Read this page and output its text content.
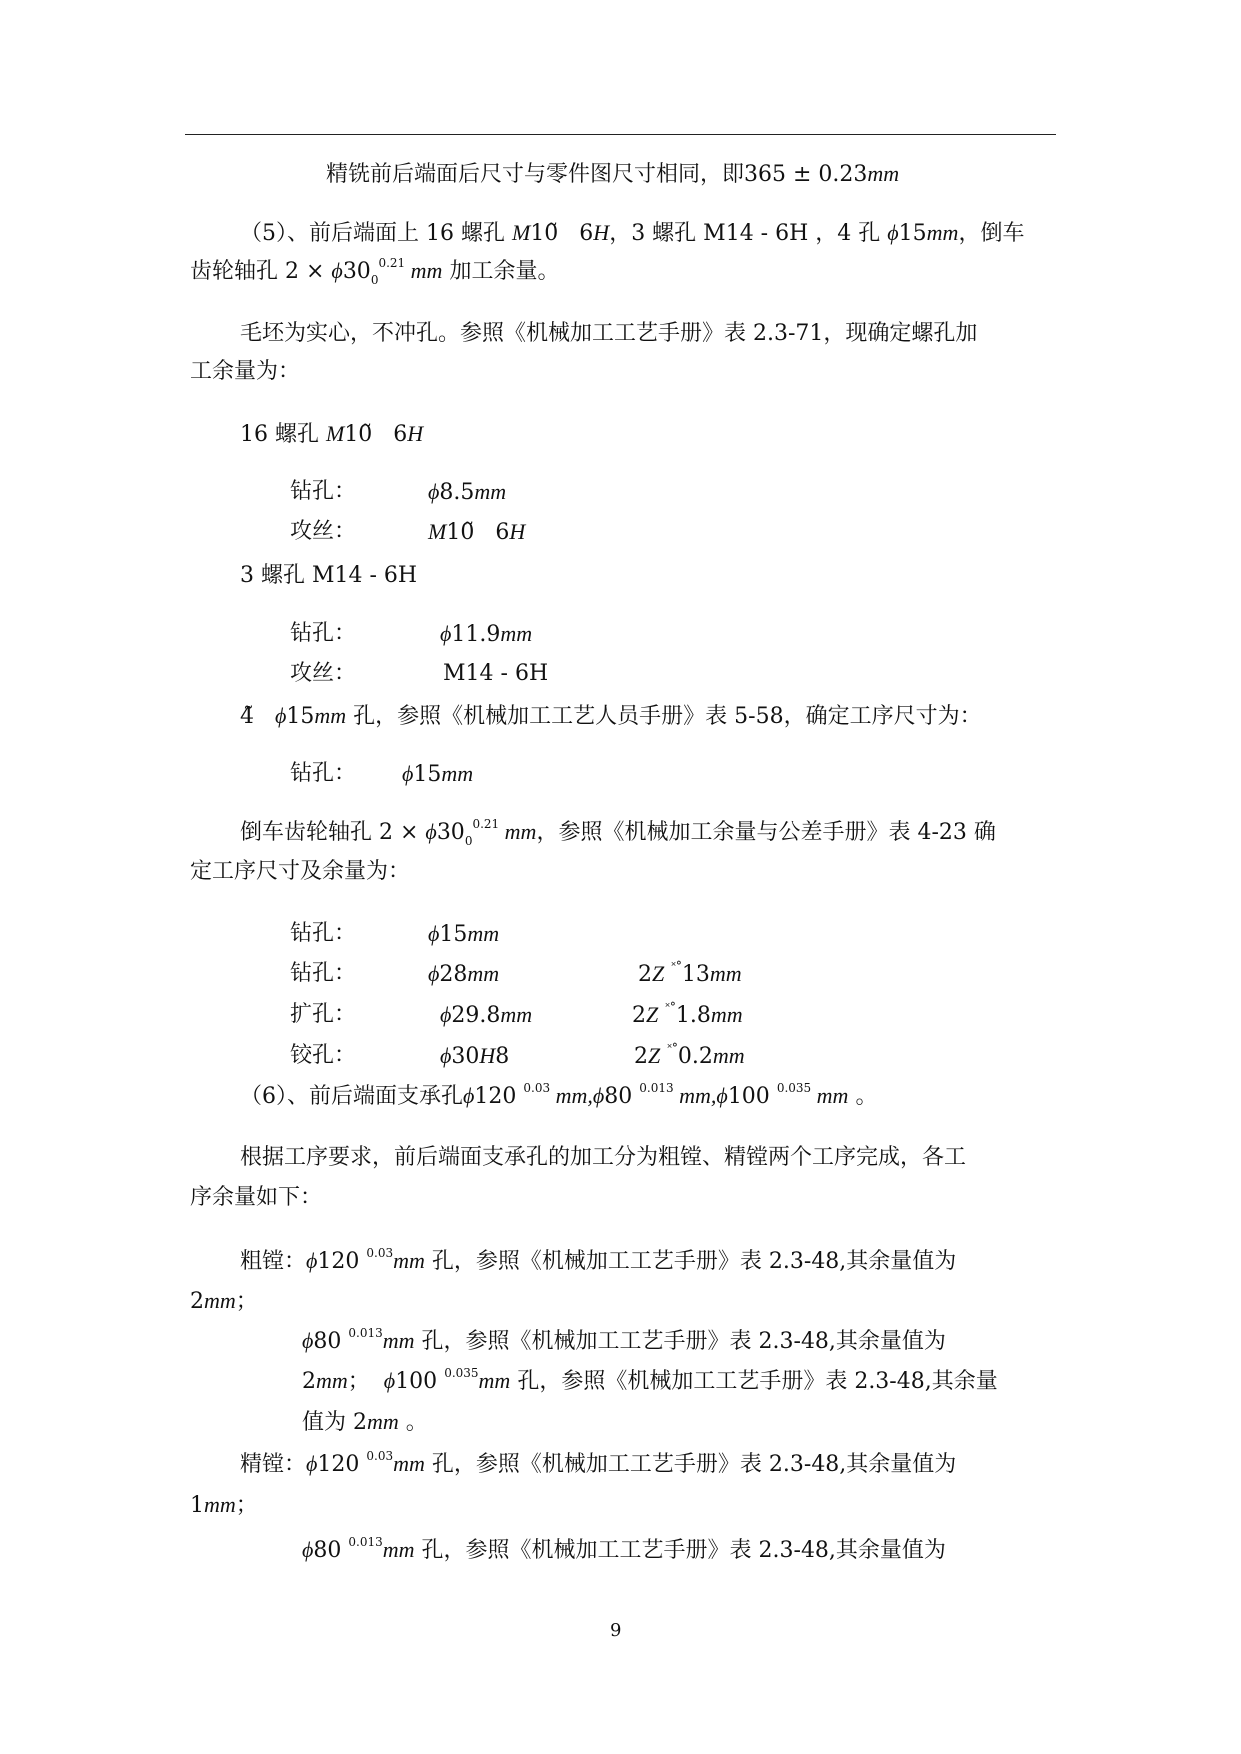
精铣前后端面后尺寸与零件图尺寸相同，即365 ± 0.23mm
（5）、前后端面上 16 螺孔 M10 6H，3 螺孔 M14 - 6H ，4 孔 ϕ15mm，倒车
齿轮轴孔 $2 \times \phi 30_0^{0.21}$ mm 加工余量。
毛坯为实心，不冲孔。参照《机械加工工艺手册》表 2.3-71，现确定螺孔加
工余量为：
16 螺孔 M10̃ 6H
钻孔：	ϕ8.5mm
攻丝：	M10̃ 6H
3 螺孔 M14 - 6H
钻孔：	ϕ11.9mm
攻丝：	M14 - 6H
4̃ ϕ15mm 孔，参照《机械加工工艺人员手册》表 5-58，确定工序尺寸为：
钻孔： ϕ15mm
倒车齿轮轴孔 $2 \times \phi 30_0^{0.21}$ mm，参照《机械加工余量与公差手册》表 4-23 确
定工序尺寸及余量为：
钻孔：	ϕ15mm
钻孔：	ϕ28mm	2Z ˟°13mm
扩孔：	ϕ29.8mm	2Z ˟°1.8mm
铰孔：	ϕ30H8	2Z ˟°0.2mm
（6）、前后端面支承孔ϕ120 $^{0.03}$ mm,ϕ80 $^{0.013}$ mm,ϕ100 $^{0.035}$ mm 。
根据工序要求，前后端面支承孔的加工分为粗镗、精镗两个工序完成，各工
序余量如下：
粗镗：ϕ120 $^{0.03}$mm 孔，参照《机械加工工艺手册》表 2.3-48,其余量值为
2mm；
ϕ80 $^{0.013}$mm 孔，参照《机械加工工艺手册》表 2.3-48,其余量值为
2mm； ϕ100 $^{0.035}$mm 孔，参照《机械加工工艺手册》表 2.3-48,其余量
值为 2mm 。
精镗：ϕ120 $^{0.03}$mm 孔，参照《机械加工工艺手册》表 2.3-48,其余量值为
1mm；
ϕ80 $^{0.013}$mm 孔，参照《机械加工工艺手册》表 2.3-48,其余量值为
9
